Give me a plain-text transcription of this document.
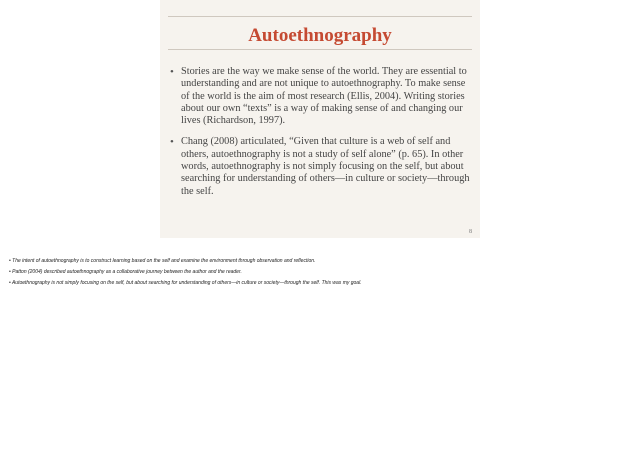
Autoethnography
• Stories are the way we make sense of the world. They are essential to understanding and are not unique to autoethnography. To make sense of the world is the aim of most research (Ellis, 2004). Writing stories about our own “texts” is a way of making sense of and changing our lives (Richardson, 1997).
• Chang (2008) articulated, “Given that culture is a web of self and others, autoethnography is not a study of self alone” (p. 65). In other words, autoethnography is not simply focusing on the self, but about searching for understanding of others—in culture or society—through the self.
8
• The intent of autoethnography is to construct learning based on the self and examine the environment through observation and reflection.
• Patton (2004) described autoethnography as a collaborative journey between the author and the reader.
• Autoethnography is not simply focusing on the self, but about searching for understanding of others—in culture or society—through the self. This was my goal.
